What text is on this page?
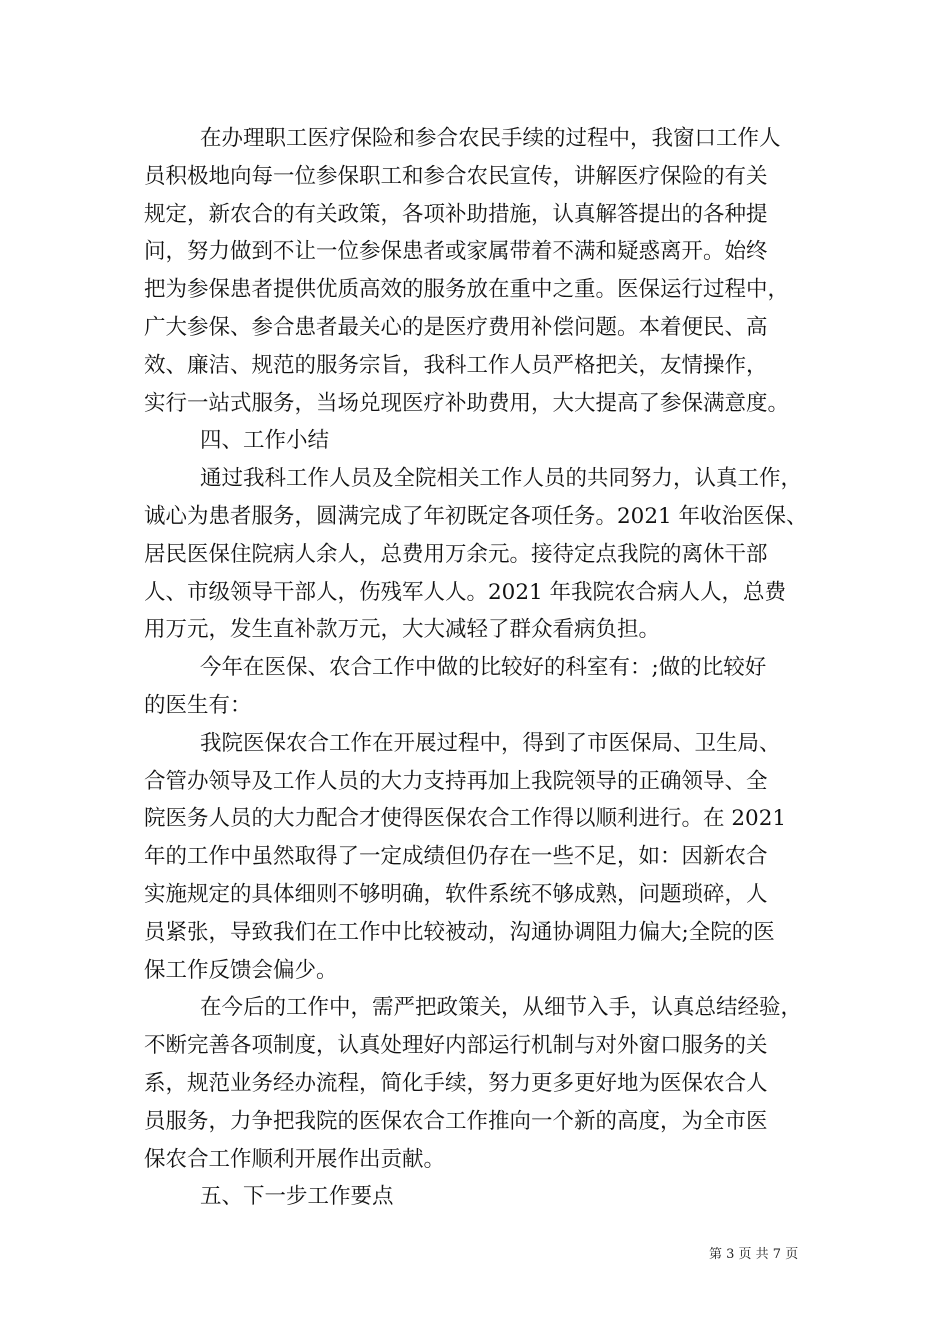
在办理职工医疗保险和参合农民手续的过程中，我窗口工作人
员积极地向每一位参保职工和参合农民宣传，讲解医疗保险的有关
规定，新农合的有关政策，各项补助措施，认真解答提出的各种提
问，努力做到不让一位参保患者或家属带着不满和疑惑离开。始终
把为参保患者提供优质高效的服务放在重中之重。医保运行过程中，
广大参保、参合患者最关心的是医疗费用补偿问题。本着便民、高
效、廉洁、规范的服务宗旨，我科工作人员严格把关，友情操作，
实行一站式服务，当场兑现医疗补助费用，大大提高了参保满意度。
四、工作小结
通过我科工作人员及全院相关工作人员的共同努力，认真工作，
诚心为患者服务，圆满完成了年初既定各项任务。2021 年收治医保、
居民医保住院病人余人，总费用万余元。接待定点我院的离休干部
人、市级领导干部人，伤残军人人。2021 年我院农合病人人，总费
用万元，发生直补款万元，大大减轻了群众看病负担。
今年在医保、农合工作中做的比较好的科室有：;做的比较好
的医生有：
我院医保农合工作在开展过程中，得到了市医保局、卫生局、
合管办领导及工作人员的大力支持再加上我院领导的正确领导、全
院医务人员的大力配合才使得医保农合工作得以顺利进行。在 2021
年的工作中虽然取得了一定成绩但仍存在一些不足，如：因新农合
实施规定的具体细则不够明确，软件系统不够成熟，问题琐碎，人
员紧张，导致我们在工作中比较被动，沟通协调阻力偏大;全院的医
保工作反馈会偏少。
在今后的工作中，需严把政策关，从细节入手，认真总结经验，
不断完善各项制度，认真处理好内部运行机制与对外窗口服务的关
系，规范业务经办流程，简化手续，努力更多更好地为医保农合人
员服务，力争把我院的医保农合工作推向一个新的高度，为全市医
保农合工作顺利开展作出贡献。
五、下一步工作要点
第 3 页 共 7 页
